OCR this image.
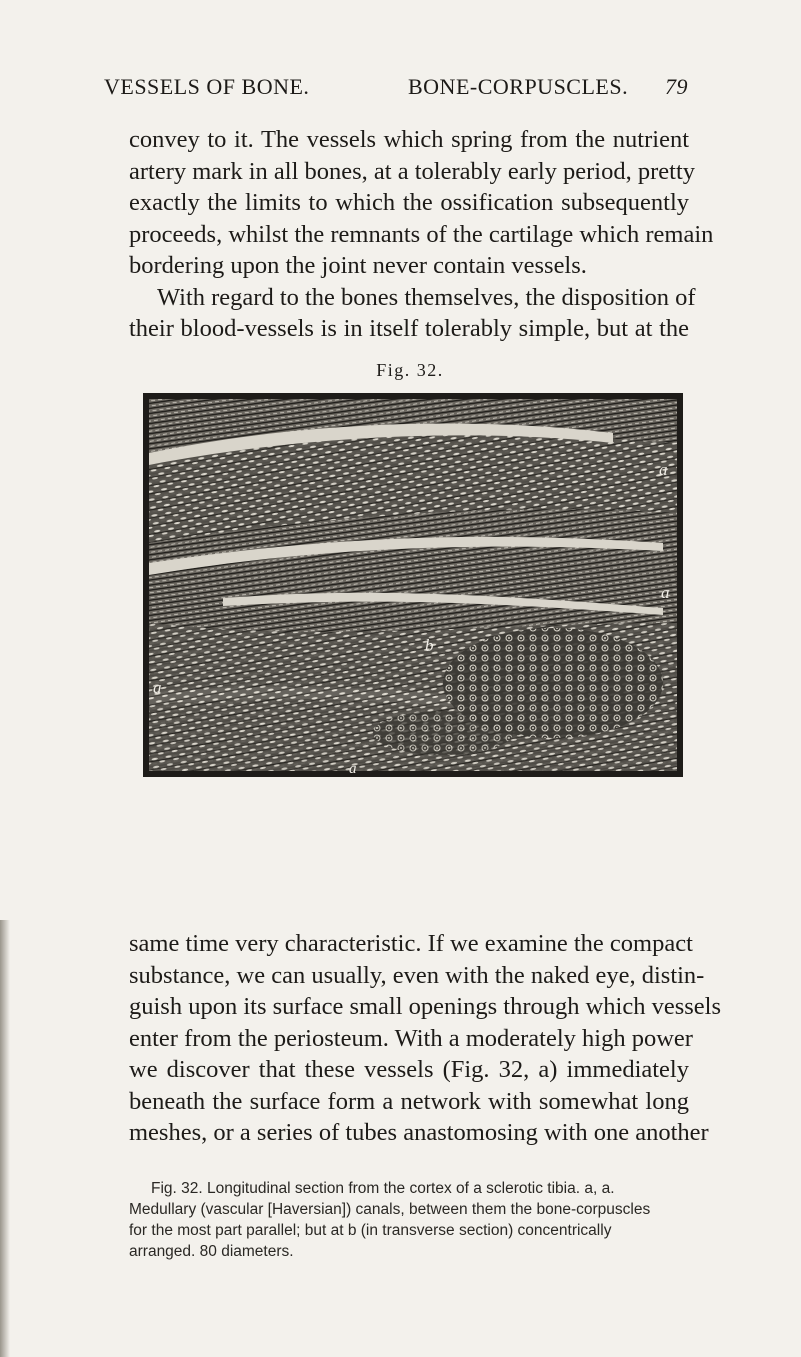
VESSELS OF BONE.	BONE-CORPUSCLES. 79

convey to it. The vessels which spring from the nutrient
artery mark in all bones, at a tolerably early period, pretty
exactly the limits to which the ossification subsequently
proceeds, whilst the remnants of the cartilage which remain
bordering upon the joint never contain vessels.
With regard to the bones themselves, the disposition of
their blood-vessels is in itself tolerably simple, but at the

Fig. 32.
a
a
a
a
b

same time very characteristic. If we examine the compact
substance, we can usually, even with the naked eye, distin-
guish upon its surface small openings through which vessels
enter from the periosteum. With a moderately high power
we discover that these vessels (Fig. 32, a) immediately
beneath the surface form a network with somewhat long
meshes, or a series of tubes anastomosing with one another

Fig. 32. Longitudinal section from the cortex of a sclerotic tibia. a, a.
Medullary (vascular [Haversian]) canals, between them the bone-corpuscles
for the most part parallel; but at b (in transverse section) concentrically
arranged. 80 diameters.
